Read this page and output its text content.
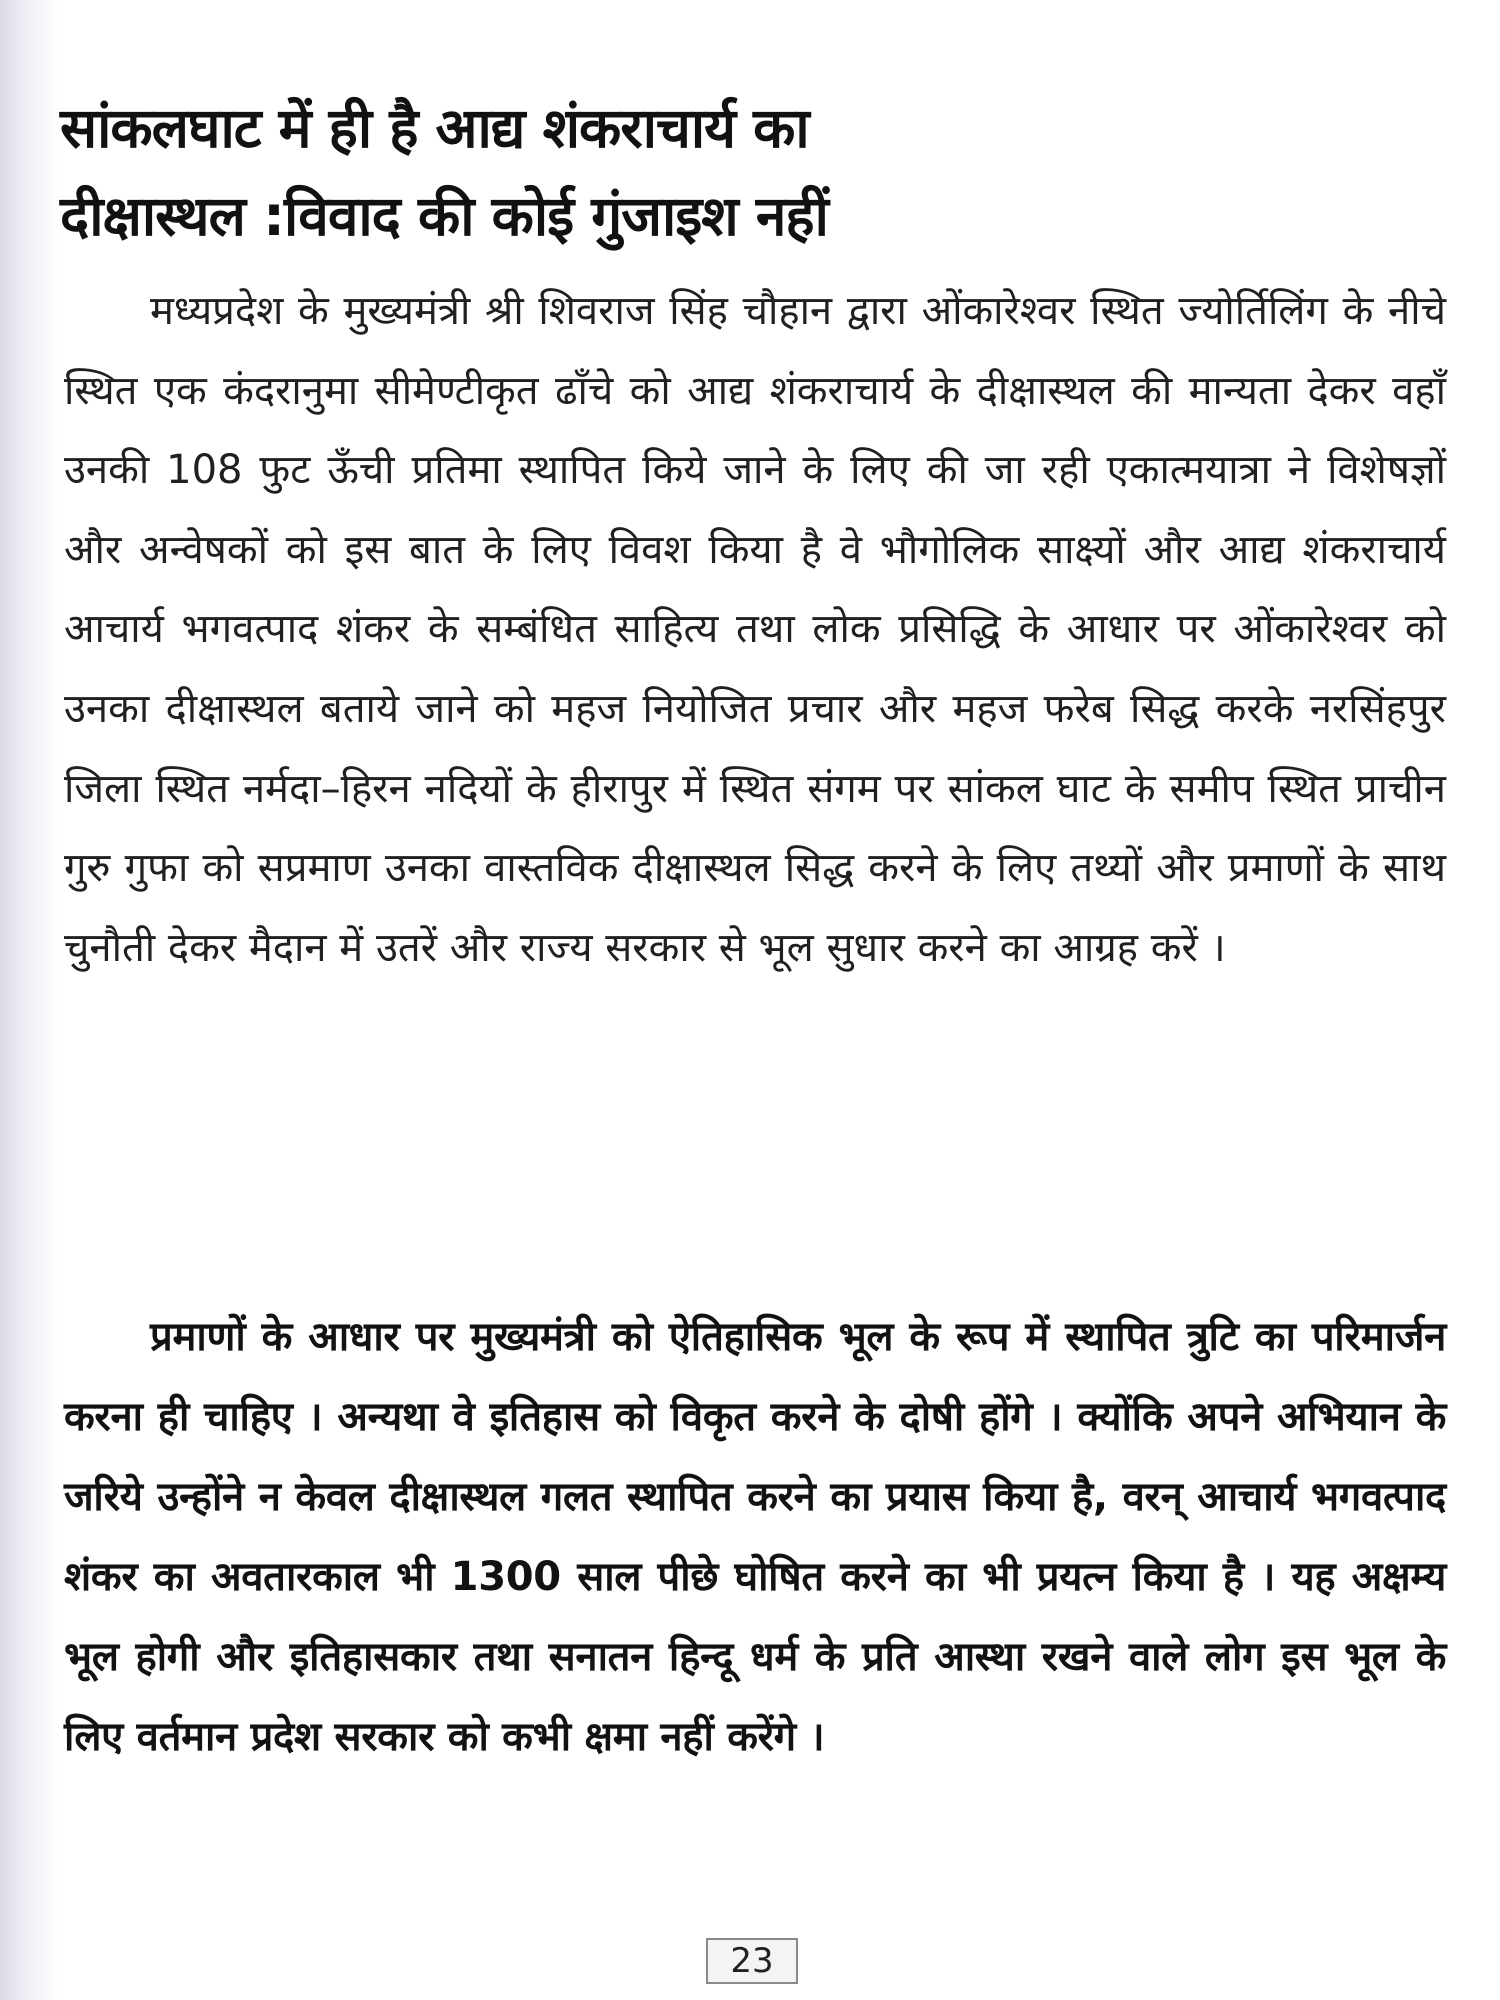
सांकलघाट में ही है आद्य शंकराचार्य का
दीक्षास्थल :विवाद की कोई गुंजाइश नहीं

मध्यप्रदेश के मुख्यमंत्री श्री शिवराज सिंह चौहान द्वारा ओंकारेश्वर स्थित ज्योर्तिलिंग के नीचे स्थित एक कंदरानुमा सीमेण्टीकृत ढाँचे को आद्य शंकराचार्य के दीक्षास्थल की मान्यता देकर वहाँ उनकी 108 फुट ऊँची प्रतिमा स्थापित किये जाने के लिए की जा रही एकात्मयात्रा ने विशेषज्ञों और अन्वेषकों को इस बात के लिए विवश किया है वे भौगोलिक साक्ष्यों और आद्य शंकराचार्य आचार्य भगवत्पाद शंकर के सम्बंधित साहित्य तथा लोक प्रसिद्धि के आधार पर ओंकारेश्वर को उनका दीक्षास्थल बताये जाने को महज नियोजित प्रचार और महज फरेब सिद्ध करके नरसिंहपुर जिला स्थित नर्मदा–हिरन नदियों के हीरापुर में स्थित संगम पर सांकल घाट के समीप स्थित प्राचीन गुरु गुफा को सप्रमाण उनका वास्तविक दीक्षास्थल सिद्ध करने के लिए तथ्यों और प्रमाणों के साथ चुनौती देकर मैदान में उतरें और राज्य सरकार से भूल सुधार करने का आग्रह करें ।

प्रमाणों के आधार पर मुख्यमंत्री को ऐतिहासिक भूल के रूप में स्थापित त्रुटि का परिमार्जन करना ही चाहिए । अन्यथा वे इतिहास को विकृत करने के दोषी होंगे । क्योंकि अपने अभियान के जरिये उन्होंने न केवल दीक्षास्थल गलत स्थापित करने का प्रयास किया है, वरन् आचार्य भगवत्पाद शंकर का अवतारकाल भी 1300 साल पीछे घोषित करने का भी प्रयत्न किया है । यह अक्षम्य भूल होगी और इतिहासकार तथा सनातन हिन्दू धर्म के प्रति आस्था रखने वाले लोग इस भूल के लिए वर्तमान प्रदेश सरकार को कभी क्षमा नहीं करेंगे ।

23
